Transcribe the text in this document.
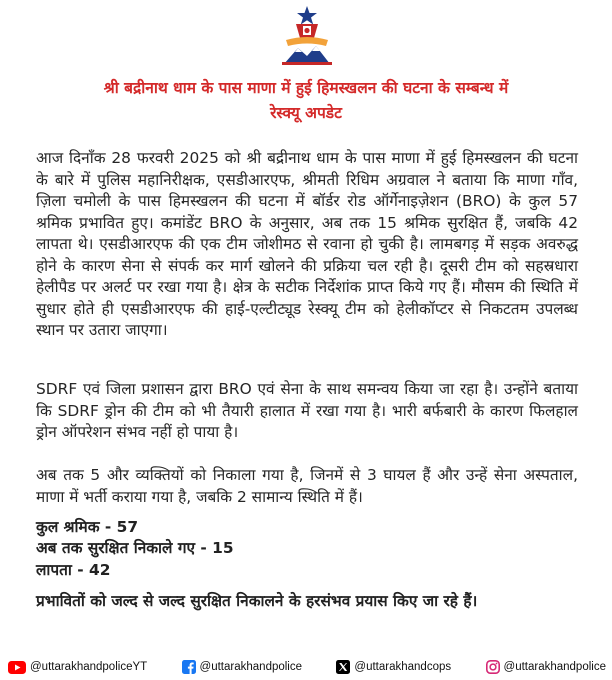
श्री बद्रीनाथ धाम के पास माणा में हुई हिमस्खलन की घटना के सम्बन्ध में
रेस्क्यू अपडेट

आज दिनाँक 28 फरवरी 2025 को श्री बद्रीनाथ धाम के पास माणा में हुई हिमस्खलन की घटना के बारे में पुलिस महानिरीक्षक, एसडीआरएफ, श्रीमती रिधिम अग्रवाल ने बताया कि माणा गाँव, ज़िला चमोली के पास हिमस्खलन की घटना में बॉर्डर रोड ऑर्गेनाइज़ेशन (BRO) के कुल 57 श्रमिक प्रभावित हुए। कमांडेंट BRO के अनुसार, अब तक 15 श्रमिक सुरक्षित हैं, जबकि 42 लापता थे। एसडीआरएफ की एक टीम जोशीमठ से रवाना हो चुकी है। लामबगड़ में सड़क अवरुद्ध होने के कारण सेना से संपर्क कर मार्ग खोलने की प्रक्रिया चल रही है। दूसरी टीम को सहस्रधारा हेलीपैड पर अलर्ट पर रखा गया है। क्षेत्र के सटीक निर्देशांक प्राप्त किये गए हैं। मौसम की स्थिति में सुधार होते ही एसडीआरएफ की हाई-एल्टीट्यूड रेस्क्यू टीम को हेलीकॉप्टर से निकटतम उपलब्ध स्थान पर उतारा जाएगा।

SDRF एवं जिला प्रशासन द्वारा BRO एवं सेना के साथ समन्वय किया जा रहा है। उन्होंने बताया कि SDRF ड्रोन की टीम को भी तैयारी हालात में रखा गया है। भारी बर्फबारी के कारण फिलहाल ड्रोन ऑपरेशन संभव नहीं हो पाया है।

अब तक 5 और व्यक्तियों को निकाला गया है, जिनमें से 3 घायल हैं और उन्हें सेना अस्पताल, माणा में भर्ती कराया गया है, जबकि 2 सामान्य स्थिति में हैं।

कुल श्रमिक - 57
अब तक सुरक्षित निकाले गए - 15
लापता - 42

प्रभावितों को जल्द से जल्द सुरक्षित निकालने के हरसंभव प्रयास किए जा रहे हैं।

@uttarakhandpoliceYT	@uttarakhandpolice	@uttarakhandcops	@uttarakhandpolice
